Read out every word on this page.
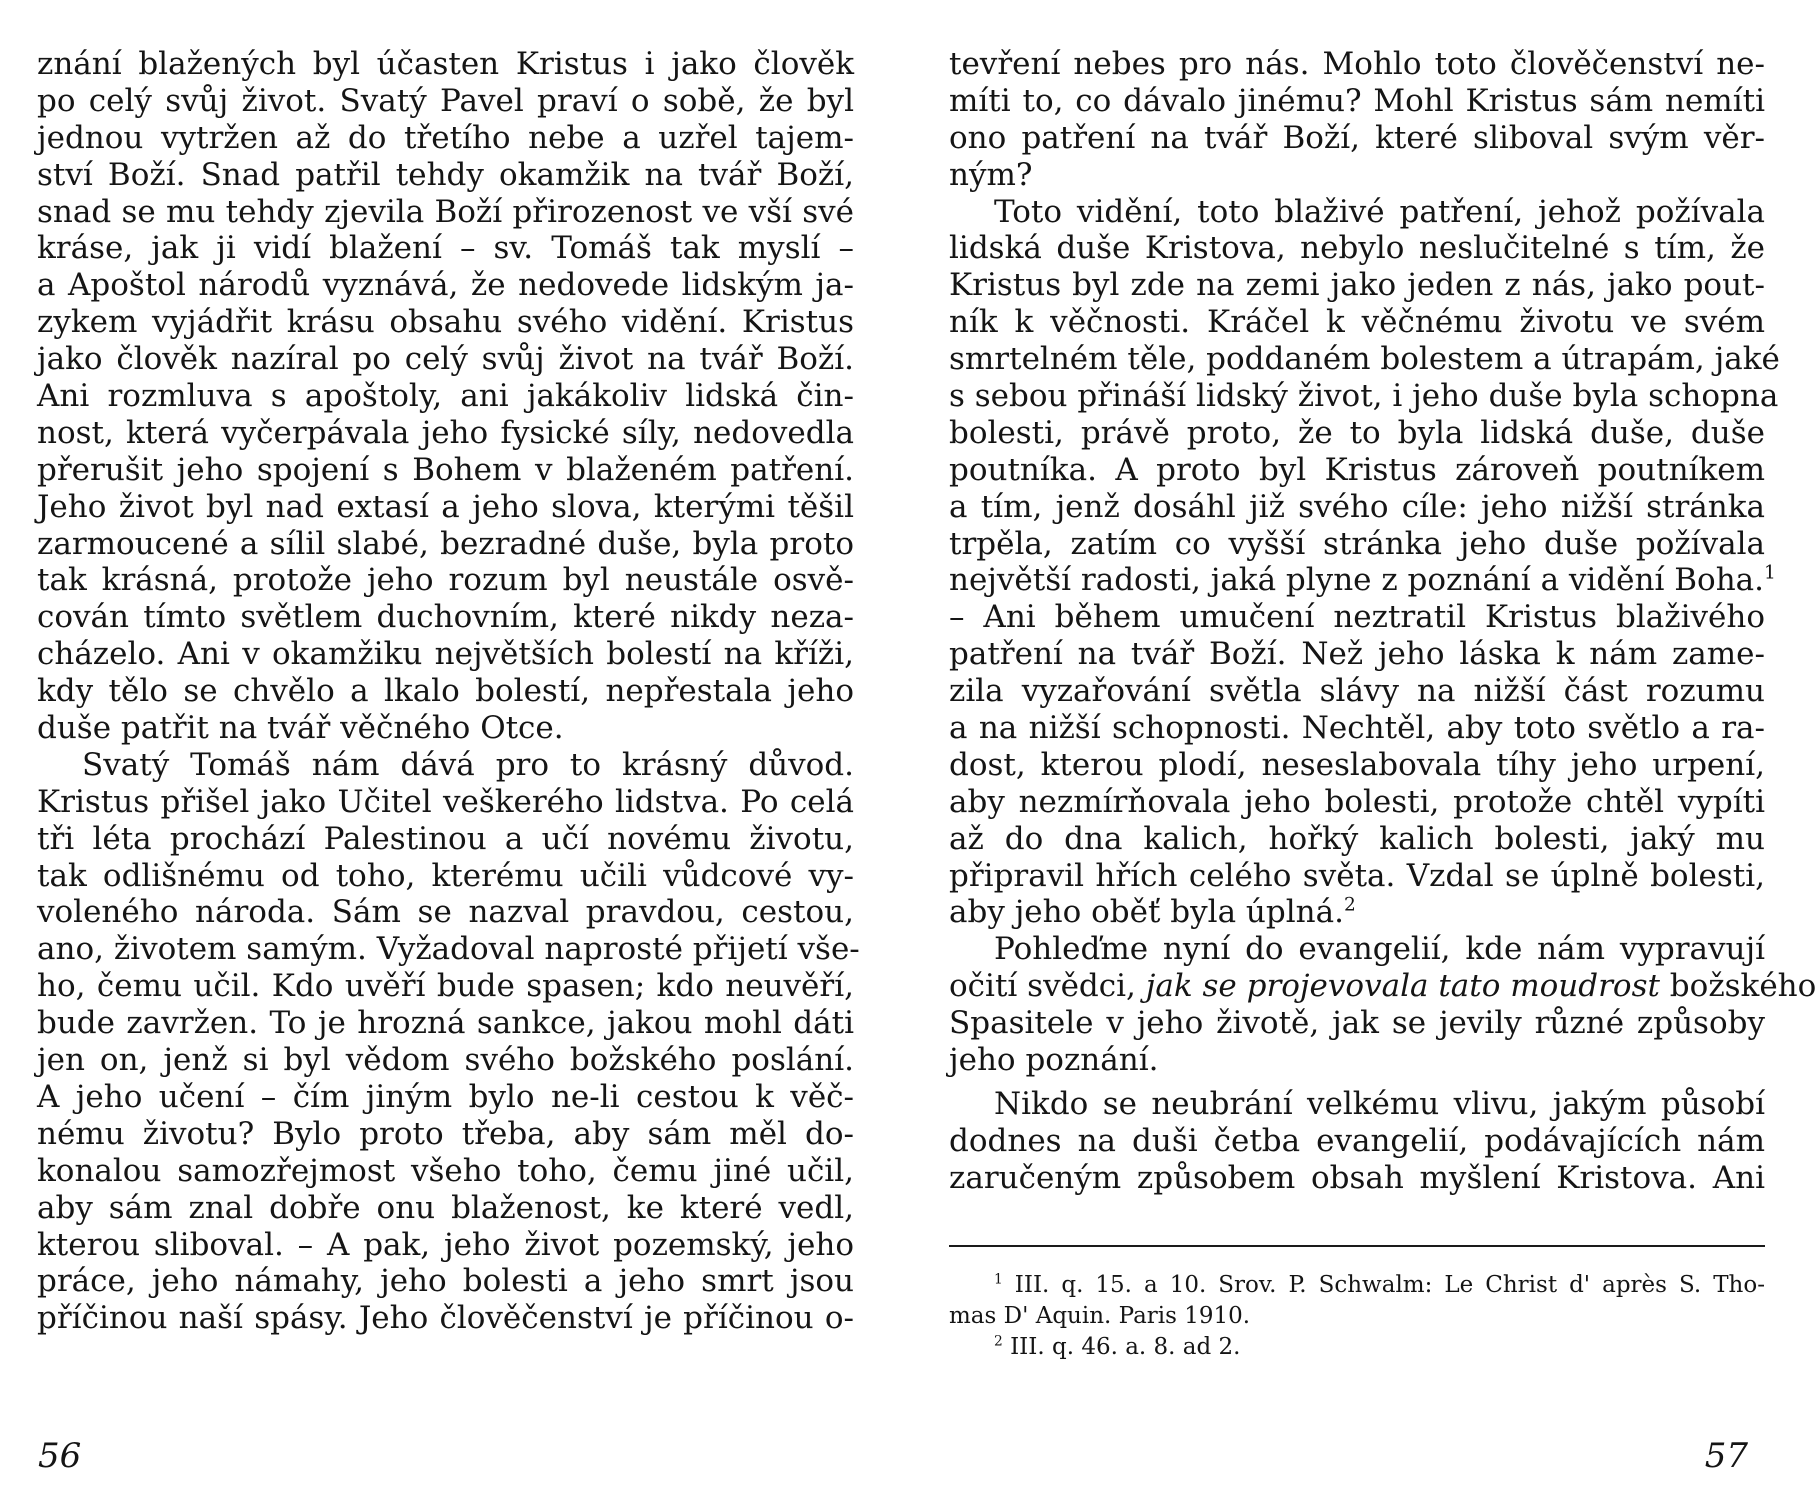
znání blažených byl účasten Kristus i jako člověk
po celý svůj život. Svatý Pavel praví o sobě, že byl
jednou vytržen až do třetího nebe a uzřel tajem-
ství Boží. Snad patřil tehdy okamžik na tvář Boží,
snad se mu tehdy zjevila Boží přirozenost ve vší své
kráse, jak ji vidí blažení – sv. Tomáš tak myslí –
a Apoštol národů vyznává, že nedovede lidským ja-
zykem vyjádřit krásu obsahu svého vidění. Kristus
jako člověk nazíral po celý svůj život na tvář Boží.
Ani rozmluva s apoštoly, ani jakákoliv lidská čin-
nost, která vyčerpávala jeho fysické síly, nedovedla
přerušit jeho spojení s Bohem v blaženém patření.
Jeho život byl nad extasí a jeho slova, kterými těšil
zarmoucené a sílil slabé, bezradné duše, byla proto
tak krásná, protože jeho rozum byl neustále osvě-
cován tímto světlem duchovním, které nikdy neza-
cházelo. Ani v okamžiku největších bolestí na kříži,
kdy tělo se chvělo a lkalo bolestí, nepřestala jeho
duše patřit na tvář věčného Otce.
Svatý Tomáš nám dává pro to krásný důvod.
Kristus přišel jako Učitel veškerého lidstva. Po celá
tři léta prochází Palestinou a učí novému životu,
tak odlišnému od toho, kterému učili vůdcové vy-
voleného národa. Sám se nazval pravdou, cestou,
ano, životem samým. Vyžadoval naprosté přijetí vše-
ho, čemu učil. Kdo uvěří bude spasen; kdo neuvěří,
bude zavržen. To je hrozná sankce, jakou mohl dáti
jen on, jenž si byl vědom svého božského poslání.
A jeho učení – čím jiným bylo ne-li cestou k věč-
nému životu? Bylo proto třeba, aby sám měl do-
konalou samozřejmost všeho toho, čemu jiné učil,
aby sám znal dobře onu blaženost, ke které vedl,
kterou sliboval. – A pak, jeho život pozemský, jeho
práce, jeho námahy, jeho bolesti a jeho smrt jsou
příčinou naší spásy. Jeho člověčenství je příčinou o-
56
tevření nebes pro nás. Mohlo toto člověčenství ne-
míti to, co dávalo jinému? Mohl Kristus sám nemíti
ono patření na tvář Boží, které sliboval svým věr-
ným?
Toto vidění, toto blaživé patření, jehož požívala
lidská duše Kristova, nebylo neslučitelné s tím, že
Kristus byl zde na zemi jako jeden z nás, jako pout-
ník k věčnosti. Kráčel k věčnému životu ve svém
smrtelném těle, poddaném bolestem a útrapám, jaké
s sebou přináší lidský život, i jeho duše byla schopna
bolesti, právě proto, že to byla lidská duše, duše
poutníka. A proto byl Kristus zároveň poutníkem
a tím, jenž dosáhl již svého cíle: jeho nižší stránka
trpěla, zatím co vyšší stránka jeho duše požívala
největší radosti, jaká plyne z poznání a vidění Boha.$^1$
– Ani během umučení neztratil Kristus blaživého
patření na tvář Boží. Než jeho láska k nám zame-
zila vyzařování světla slávy na nižší část rozumu
a na nižší schopnosti. Nechtěl, aby toto světlo a ra-
dost, kterou plodí, neseslabovala tíhy jeho urpení,
aby nezmírňovala jeho bolesti, protože chtěl vypíti
až do dna kalich, hořký kalich bolesti, jaký mu
připravil hřích celého světa. Vzdal se úplně bolesti,
aby jeho oběť byla úplná.$^2$
Pohleďme nyní do evangelií, kde nám vypravují
očití svědci, jak se projevovala tato moudrost božského
Spasitele v jeho životě, jak se jevily různé způsoby
jeho poznání.
Nikdo se neubrání velkému vlivu, jakým působí
dodnes na duši četba evangelií, podávajících nám
zaručeným způsobem obsah myšlení Kristova. Ani
$^1$ III. q. 15. a 10. Srov. P. Schwalm: Le Christ d' après S. Tho-
mas D' Aquin. Paris 1910.
$^2$ III. q. 46. a. 8. ad 2.
57
